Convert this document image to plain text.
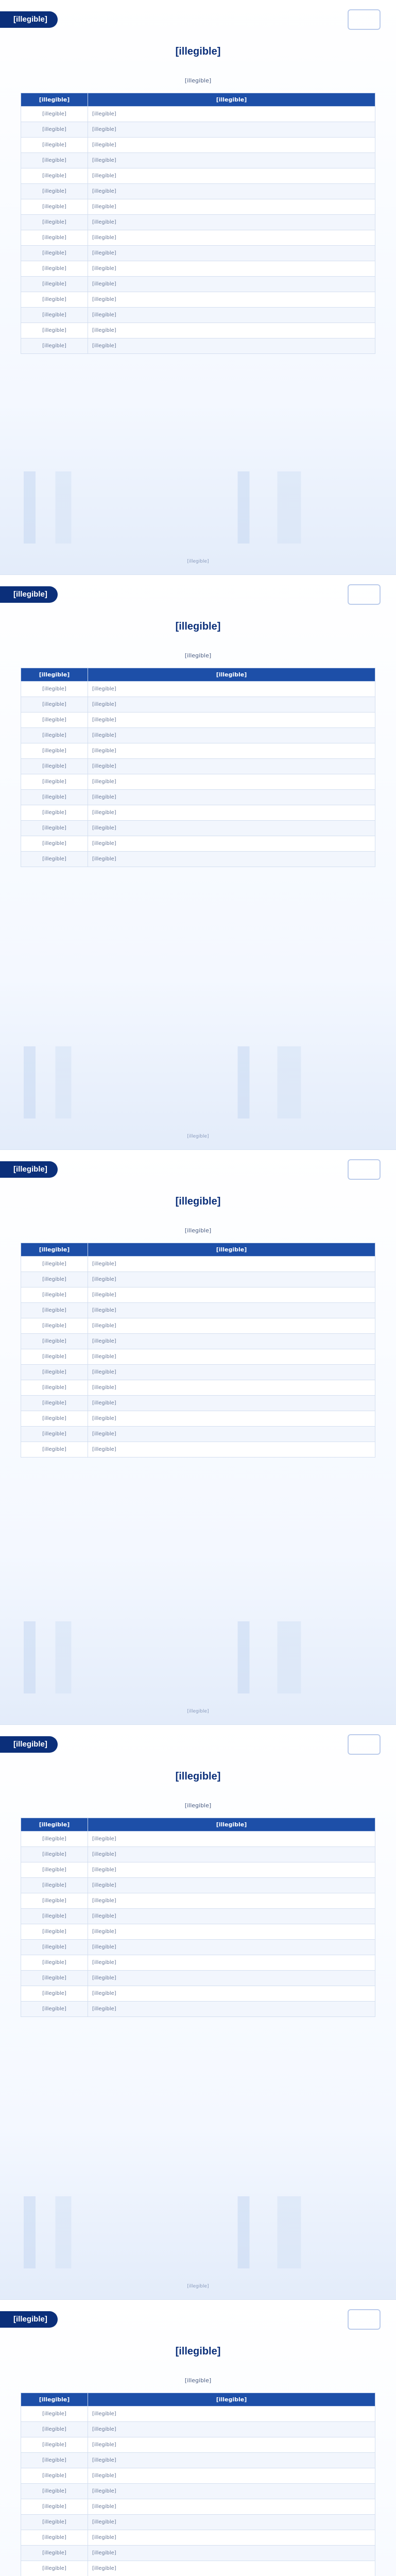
[illegible]
[illegible]

[illegible]

[illegible]	[illegible]
[illegible]	[illegible]
[illegible]	[illegible]
[illegible]	[illegible]
[illegible]	[illegible]
[illegible]	[illegible]
[illegible]	[illegible]
[illegible]	[illegible]
[illegible]	[illegible]
[illegible]	[illegible]
[illegible]	[illegible]
[illegible]	[illegible]
[illegible]	[illegible]
[illegible]	[illegible]
[illegible]	[illegible]
[illegible]	[illegible]
[illegible]	[illegible]
[illegible]
[illegible]
[illegible]

[illegible]

[illegible]	[illegible]
[illegible]	[illegible]
[illegible]	[illegible]
[illegible]	[illegible]
[illegible]	[illegible]
[illegible]	[illegible]
[illegible]	[illegible]
[illegible]	[illegible]
[illegible]	[illegible]
[illegible]	[illegible]
[illegible]	[illegible]
[illegible]	[illegible]
[illegible]	[illegible]
[illegible]
[illegible]
[illegible]

[illegible]

[illegible]	[illegible]
[illegible]	[illegible]
[illegible]	[illegible]
[illegible]	[illegible]
[illegible]	[illegible]
[illegible]	[illegible]
[illegible]	[illegible]
[illegible]	[illegible]
[illegible]	[illegible]
[illegible]	[illegible]
[illegible]	[illegible]
[illegible]	[illegible]
[illegible]	[illegible]
[illegible]	[illegible]
[illegible]
[illegible]
[illegible]

[illegible]

[illegible]	[illegible]
[illegible]	[illegible]
[illegible]	[illegible]
[illegible]	[illegible]
[illegible]	[illegible]
[illegible]	[illegible]
[illegible]	[illegible]
[illegible]	[illegible]
[illegible]	[illegible]
[illegible]	[illegible]
[illegible]	[illegible]
[illegible]	[illegible]
[illegible]	[illegible]
[illegible]
[illegible]
[illegible]

[illegible]

[illegible]	[illegible]
[illegible]	[illegible]
[illegible]	[illegible]
[illegible]	[illegible]
[illegible]	[illegible]
[illegible]	[illegible]
[illegible]	[illegible]
[illegible]	[illegible]
[illegible]	[illegible]
[illegible]	[illegible]
[illegible]	[illegible]
[illegible]	[illegible]
